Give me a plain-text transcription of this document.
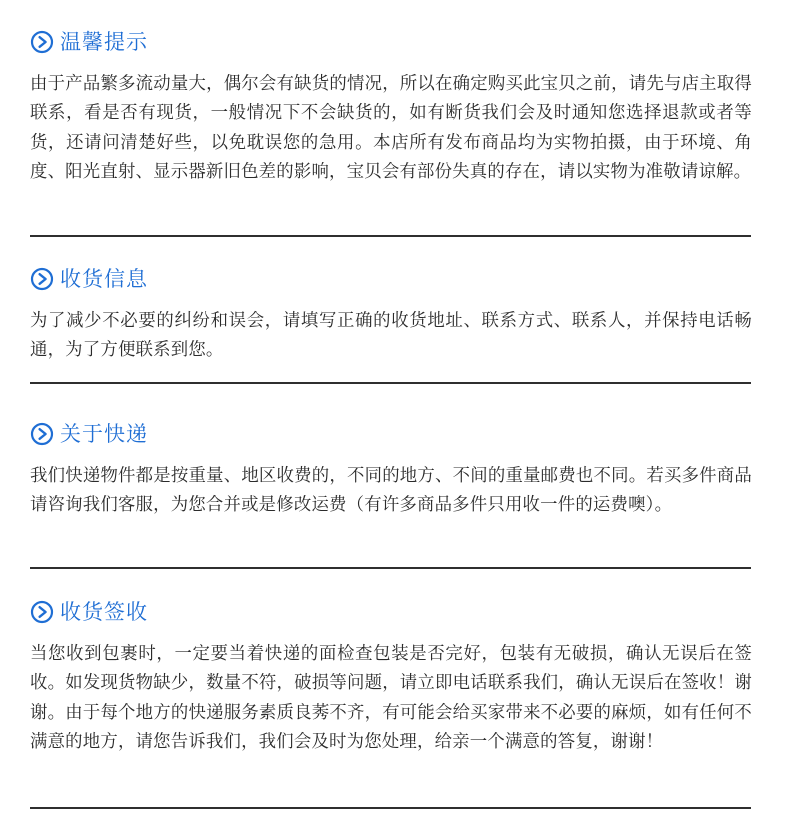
温馨提示
由于产品繁多流动量大，偶尔会有缺货的情况，所以在确定购买此宝贝之前，请先与店主取得联系，看是否有现货，一般情况下不会缺货的，如有断货我们会及时通知您选择退款或者等货，还请问清楚好些，以免耽误您的急用。本店所有发布商品均为实物拍摄，由于环境、角度、阳光直射、显示器新旧色差的影响，宝贝会有部份失真的存在，请以实物为准敬请谅解。
收货信息
为了减少不必要的纠纷和误会，请填写正确的收货地址、联系方式、联系人，并保持电话畅通，为了方便联系到您。
关于快递
我们快递物件都是按重量、地区收费的，不同的地方、不间的重量邮费也不同。若买多件商品请咨询我们客服，为您合并或是修改运费（有许多商品多件只用收一件的运费噢）。
收货签收
当您收到包裹时，一定要当着快递的面检查包装是否完好，包装有无破损，确认无误后在签收。如发现货物缺少，数量不符，破损等问题，请立即电话联系我们，确认无误后在签收！谢谢。由于每个地方的快递服务素质良莠不齐，有可能会给买家带来不必要的麻烦，如有任何不满意的地方，请您告诉我们，我们会及时为您处理，给亲一个满意的答复，谢谢！
